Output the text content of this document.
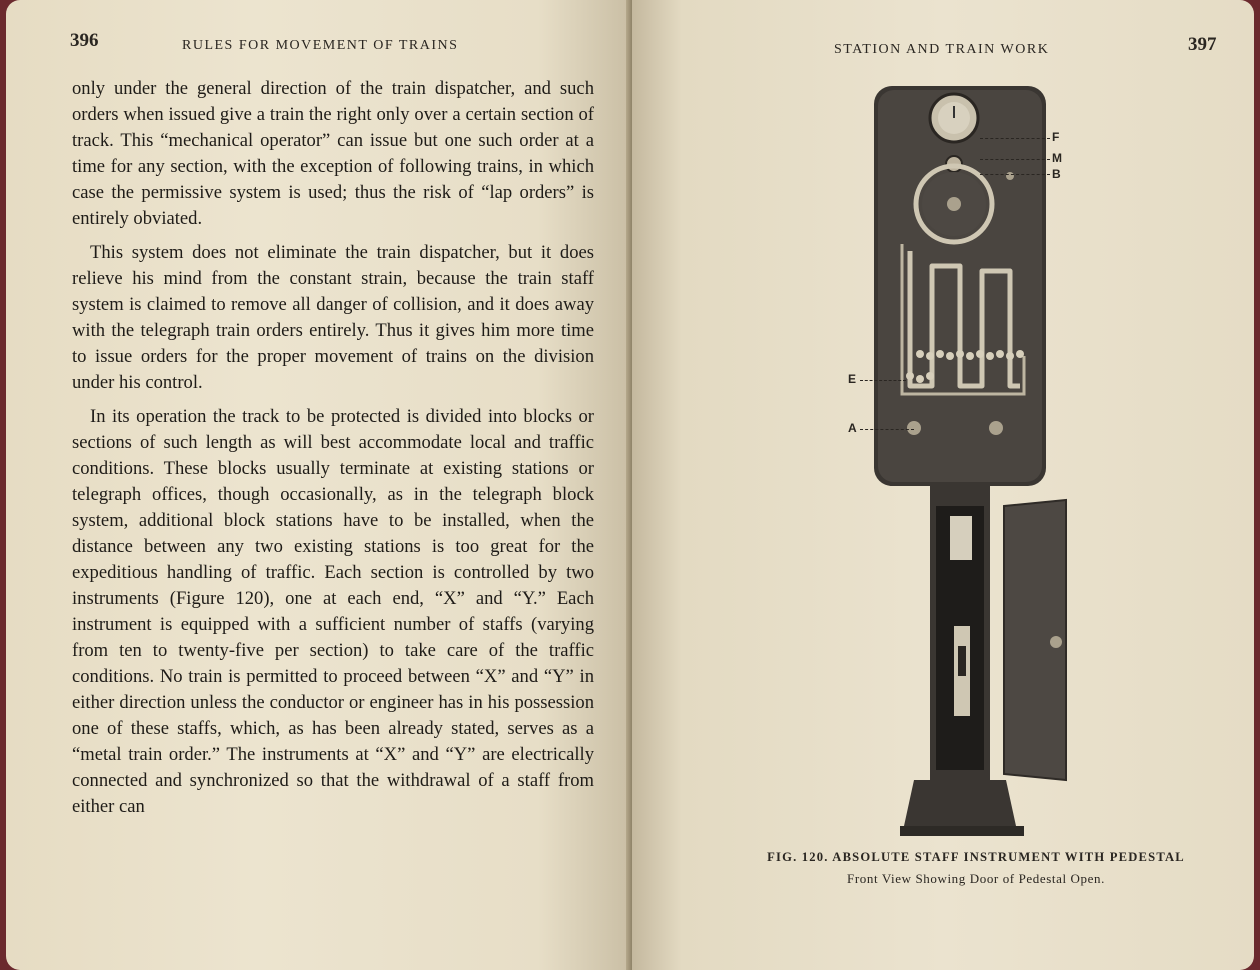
396	RULES FOR MOVEMENT OF TRAINS

only under the general direction of the train dispatcher, and such orders when issued give a train the right only over a certain section of track. This “mechanical operator” can issue but one such order at a time for any section, with the exception of following trains, in which case the permissive system is used; thus the risk of “lap orders” is entirely obviated.

This system does not eliminate the train dispatcher, but it does relieve his mind from the constant strain, because the train staff system is claimed to remove all danger of collision, and it does away with the telegraph train orders entirely. Thus it gives him more time to issue orders for the proper movement of trains on the division under his control.

In its operation the track to be protected is divided into blocks or sections of such length as will best accommodate local and traffic conditions. These blocks usually terminate at existing stations or telegraph offices, though occasionally, as in the telegraph block system, additional block stations have to be installed, when the distance between any two existing stations is too great for the expeditious handling of traffic. Each section is controlled by two instruments (Figure 120), one at each end, “X” and “Y.” Each instrument is equipped with a sufficient number of staffs (varying from ten to twenty-five per section) to take care of the traffic conditions. No train is permitted to proceed between “X” and “Y” in either direction unless the conductor or engineer has in his possession one of these staffs, which, as has been already stated, serves as a “metal train order.” The instruments at “X” and “Y” are electrically connected and synchronized so that the withdrawal of a staff from either can

STATION AND TRAIN WORK	397
F
M
B
E
A
FIG. 120. ABSOLUTE STAFF INSTRUMENT WITH PEDESTAL
Front View Showing Door of Pedestal Open.
